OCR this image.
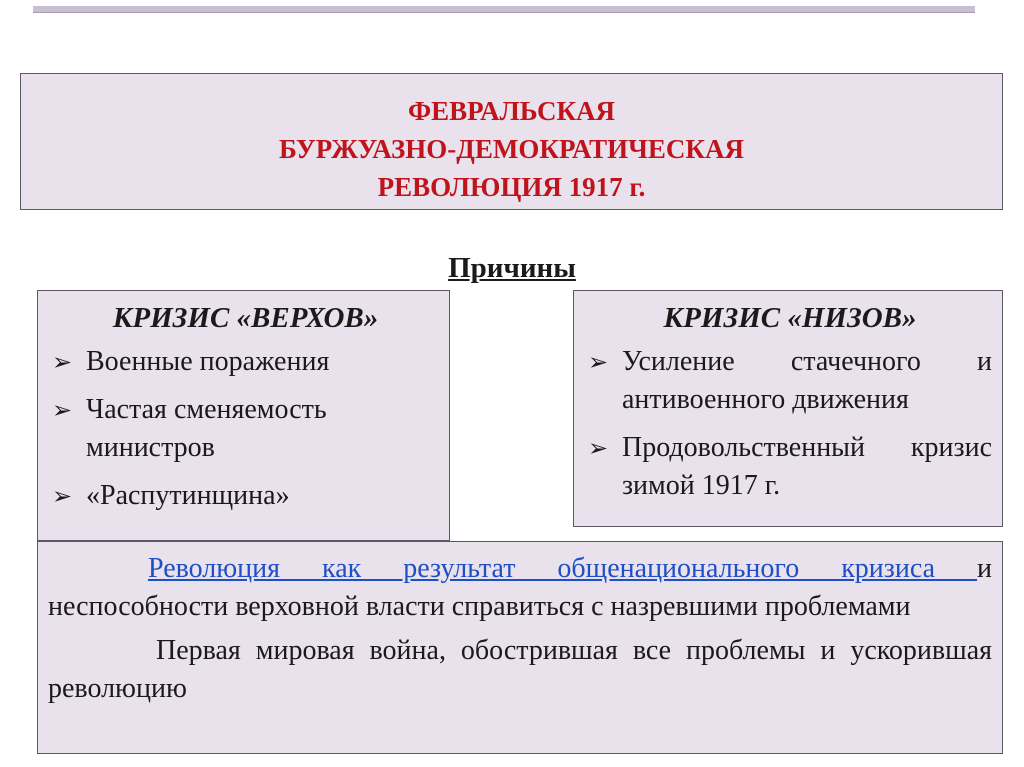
ФЕВРАЛЬСКАЯ
БУРЖУАЗНО-ДЕМОКРАТИЧЕСКАЯ
РЕВОЛЮЦИЯ 1917 г.
Причины
КРИЗИС «ВЕРХОВ»
➢ Военные поражения
➢ Частая сменяемость министров
➢ «Распутинщина»
КРИЗИС «НИЗОВ»
➢ Усиление стачечного и антивоенного движения
➢ Продовольственный кризис зимой 1917 г.

Революция как результат общенационального кризиса и неспособности верховной власти справиться с назревшими проблемами

Первая мировая война, обострившая все проблемы и ускорившая революцию
